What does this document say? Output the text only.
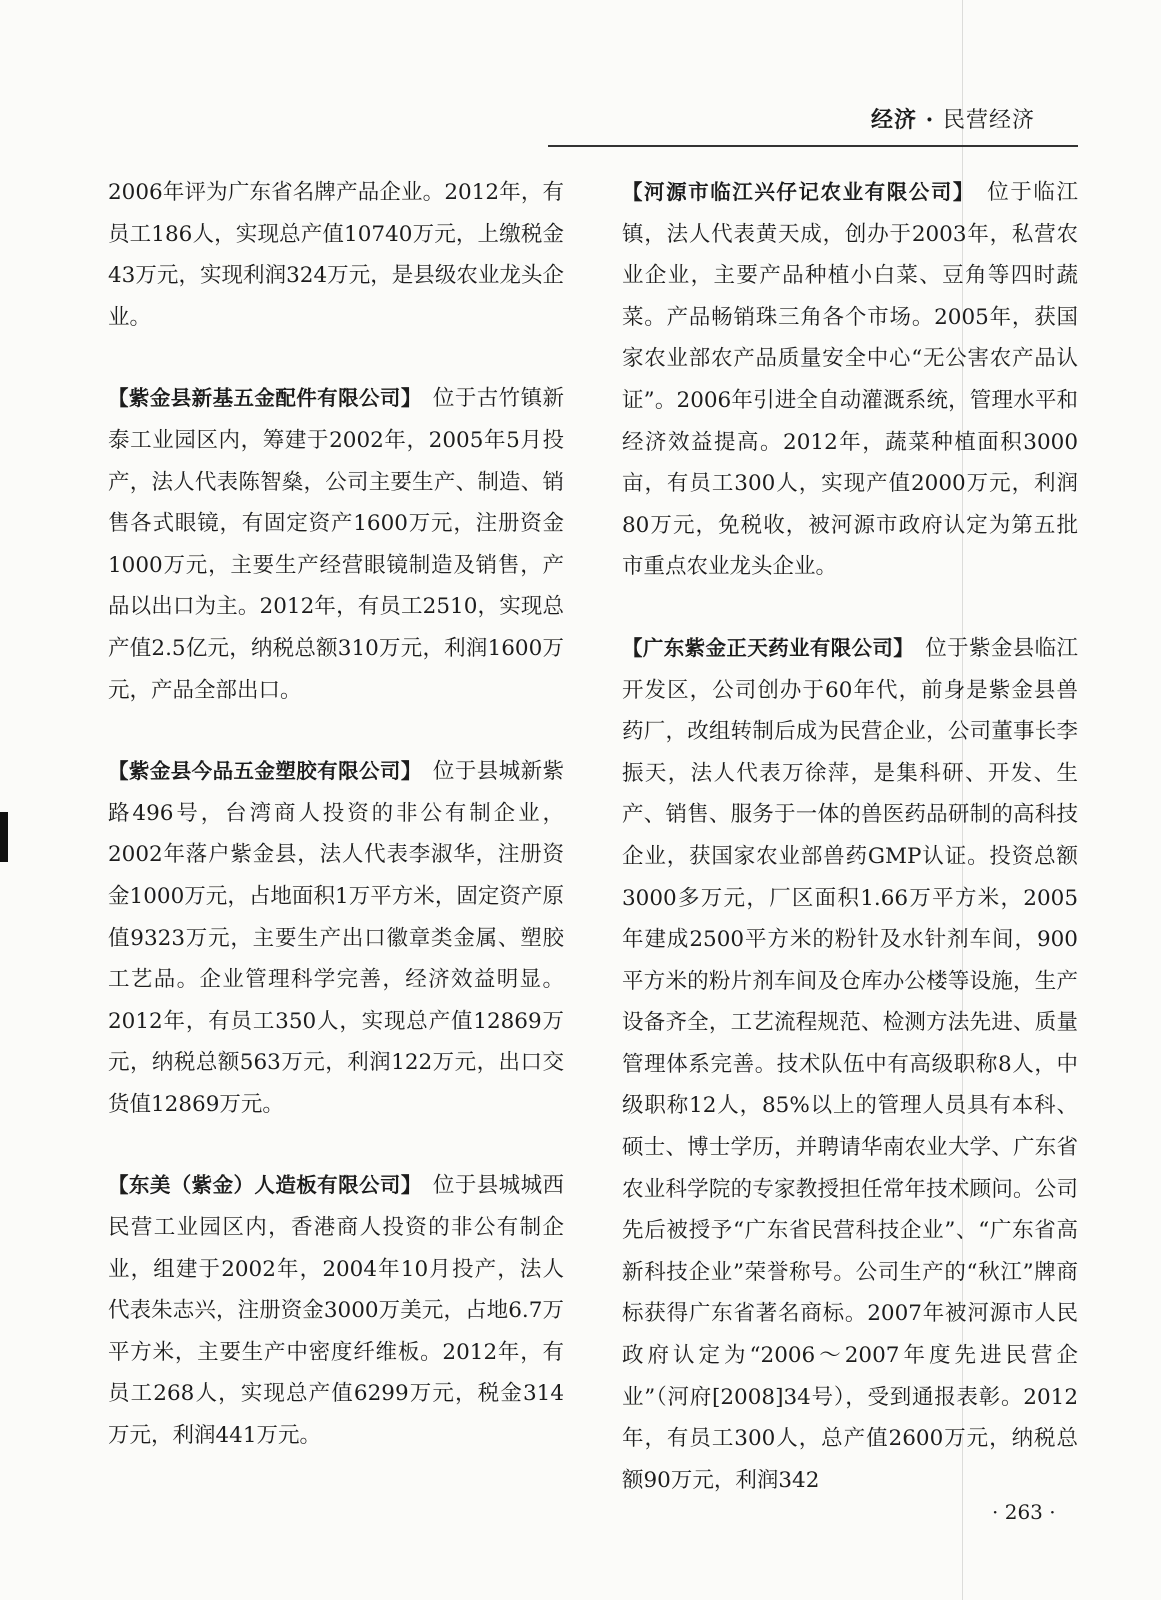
经济 · 民营经济

2006年评为广东省名牌产品企业。2012年，有员工186人，实现总产值10740万元，上缴税金43万元，实现利润324万元，是县级农业龙头企业。

【紫金县新基五金配件有限公司】  位于古竹镇新泰工业园区内，筹建于2002年，2005年5月投产，法人代表陈智燊，公司主要生产、制造、销售各式眼镜，有固定资产1600万元，注册资金1000万元，主要生产经营眼镜制造及销售，产品以出口为主。2012年，有员工2510，实现总产值2.5亿元，纳税总额310万元，利润1600万元，产品全部出口。

【紫金县今品五金塑胶有限公司】  位于县城新紫路496号，台湾商人投资的非公有制企业，2002年落户紫金县，法人代表李淑华，注册资金1000万元，占地面积1万平方米，固定资产原值9323万元，主要生产出口徽章类金属、塑胶工艺品。企业管理科学完善，经济效益明显。2012年，有员工350人，实现总产值12869万元，纳税总额563万元，利润122万元，出口交货值12869万元。

【东美（紫金）人造板有限公司】  位于县城城西民营工业园区内，香港商人投资的非公有制企业，组建于2002年，2004年10月投产，法人代表朱志兴，注册资金3000万美元，占地6.7万平方米，主要生产中密度纤维板。2012年，有员工268人，实现总产值6299万元，税金314万元，利润441万元。

【河源市临江兴仔记农业有限公司】  位于临江镇，法人代表黄天成，创办于2003年，私营农业企业，主要产品种植小白菜、豆角等四时蔬菜。产品畅销珠三角各个市场。2005年，获国家农业部农产品质量安全中心“无公害农产品认证”。2006年引进全自动灌溉系统，管理水平和经济效益提高。2012年，蔬菜种植面积3000亩，有员工300人，实现产值2000万元，利润80万元，免税收，被河源市政府认定为第五批市重点农业龙头企业。

【广东紫金正天药业有限公司】  位于紫金县临江开发区，公司创办于60年代，前身是紫金县兽药厂，改组转制后成为民营企业，公司董事长李振天，法人代表万徐萍，是集科研、开发、生产、销售、服务于一体的兽医药品研制的高科技企业，获国家农业部兽药GMP认证。投资总额3000多万元，厂区面积1.66万平方米，2005年建成2500平方米的粉针及水针剂车间，900平方米的粉片剂车间及仓库办公楼等设施，生产设备齐全，工艺流程规范、检测方法先进、质量管理体系完善。技术队伍中有高级职称8人，中级职称12人，85%以上的管理人员具有本科、硕士、博士学历，并聘请华南农业大学、广东省农业科学院的专家教授担任常年技术顾问。公司先后被授予“广东省民营科技企业”、“广东省高新科技企业”荣誉称号。公司生产的“秋江”牌商标获得广东省著名商标。2007年被河源市人民政府认定为“2006～2007年度先进民营企业”（河府[2008]34号），受到通报表彰。2012年，有员工300人，总产值2600万元，纳税总额90万元，利润342

· 263 ·
